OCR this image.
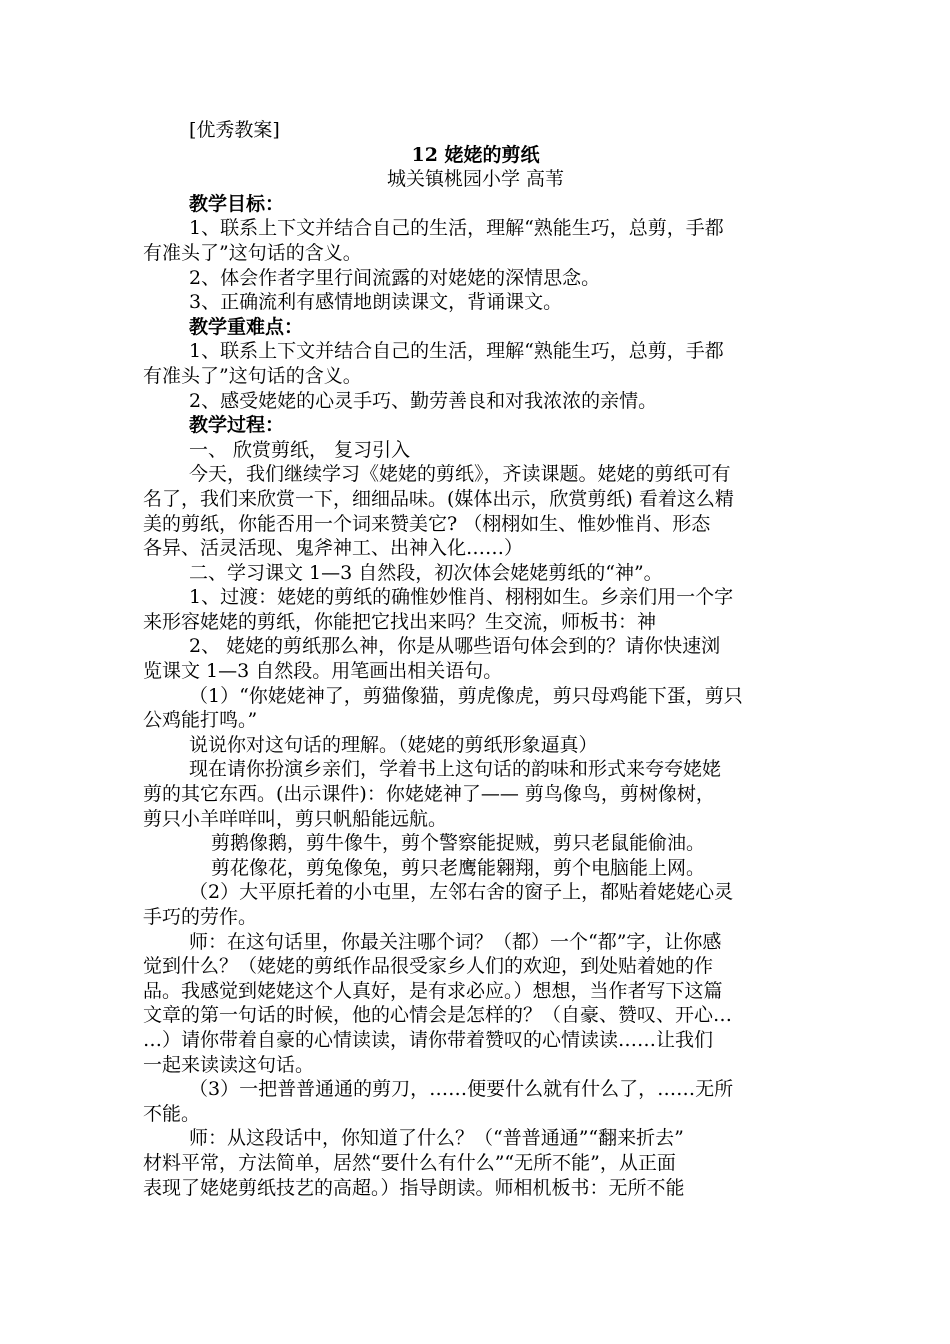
[优秀教案]
12 姥姥的剪纸
城关镇桃园小学 高苇
教学目标：
1、联系上下文并结合自己的生活，理解“熟能生巧，总剪，手都
有准头了”这句话的含义。
2、体会作者字里行间流露的对姥姥的深情思念。
3、正确流利有感情地朗读课文，背诵课文。
教学重难点：
1、联系上下文并结合自己的生活，理解“熟能生巧，总剪，手都
有准头了”这句话的含义。
2、感受姥姥的心灵手巧、勤劳善良和对我浓浓的亲情。
教学过程：
一、 欣赏剪纸， 复习引入
今天，我们继续学习《姥姥的剪纸》，齐读课题。姥姥的剪纸可有
名了，我们来欣赏一下，细细品味。(媒体出示，欣赏剪纸) 看着这么精
美的剪纸，你能否用一个词来赞美它? （栩栩如生、惟妙惟肖、形态
各异、活灵活现、鬼斧神工、出神入化……）
二、学习课文 1—3 自然段，初次体会姥姥剪纸的“神”。
1、过渡：姥姥的剪纸的确惟妙惟肖、栩栩如生。乡亲们用一个字
来形容姥姥的剪纸，你能把它找出来吗？生交流，师板书：神
2、 姥姥的剪纸那么神，你是从哪些语句体会到的？请你快速浏
览课文 1—3 自然段。用笔画出相关语句。
（1）“你姥姥神了，剪猫像猫，剪虎像虎，剪只母鸡能下蛋，剪只
公鸡能打鸣。”
说说你对这句话的理解。（姥姥的剪纸形象逼真）
现在请你扮演乡亲们，学着书上这句话的韵味和形式来夸夸姥姥
剪的其它东西。(出示课件)：你姥姥神了—— 剪鸟像鸟，剪树像树，
剪只小羊咩咩叫，剪只帆船能远航。
剪鹅像鹅，剪牛像牛，剪个警察能捉贼，剪只老鼠能偷油。
剪花像花，剪兔像兔，剪只老鹰能翱翔，剪个电脑能上网。
（2）大平原托着的小屯里，左邻右舍的窗子上，都贴着姥姥心灵
手巧的劳作。
师：在这句话里，你最关注哪个词？（都）一个“都”字，让你感
觉到什么？（姥姥的剪纸作品很受家乡人们的欢迎，到处贴着她的作
品。我感觉到姥姥这个人真好，是有求必应。）想想，当作者写下这篇
文章的第一句话的时候，他的心情会是怎样的？（自豪、赞叹、开心…
…）请你带着自豪的心情读读，请你带着赞叹的心情读读……让我们
一起来读读这句话。
（3）一把普普通通的剪刀，……便要什么就有什么了，……无所
不能。
师：从这段话中，你知道了什么？（“普普通通”“翻来折去”
材料平常，方法简单，居然“要什么有什么”“无所不能”，从正面
表现了姥姥剪纸技艺的高超。）指导朗读。师相机板书：无所不能
